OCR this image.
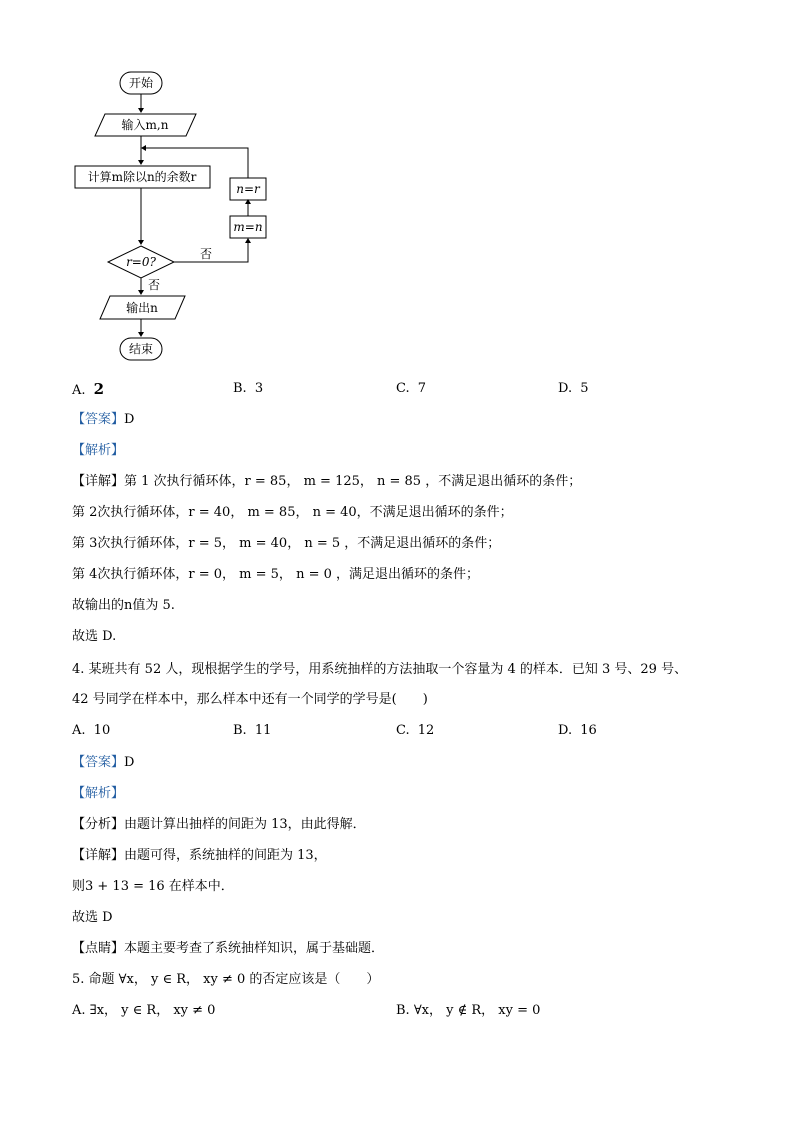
开始
输入m,n
计算m除以n的余数r
n=r
m=n
r=0?
否
否
输出n
结束
A. 2	B. 3	C. 7	D. 5
【答案】D
【解析】
【详解】第 1 次执行循环体，r = 85， m = 125， n = 85 ，不满足退出循环的条件；
第 2次执行循环体，r = 40， m = 85， n = 40，不满足退出循环的条件；
第 3次执行循环体，r = 5， m = 40， n = 5 ，不满足退出循环的条件；
第 4次执行循环体，r = 0， m = 5， n = 0 ，满足退出循环的条件；
故输出的n值为 5.
故选 D.
4. 某班共有 52 人，现根据学生的学号，用系统抽样的方法抽取一个容量为 4 的样本．已知 3 号、29 号、
42 号同学在样本中，那么样本中还有一个同学的学号是(　　)
A. 10	B. 11	C. 12	D. 16
【答案】D
【解析】
【分析】由题计算出抽样的间距为 13，由此得解．
【详解】由题可得，系统抽样的间距为 13，
则3 + 13 = 16 在样本中．
故选 D
【点睛】本题主要考查了系统抽样知识，属于基础题．
5. 命题 ∀x， y ∈ R， xy ≠ 0 的否定应该是（　　）
A. ∃x， y ∈ R， xy ≠ 0	B. ∀x， y ∉ R， xy = 0
